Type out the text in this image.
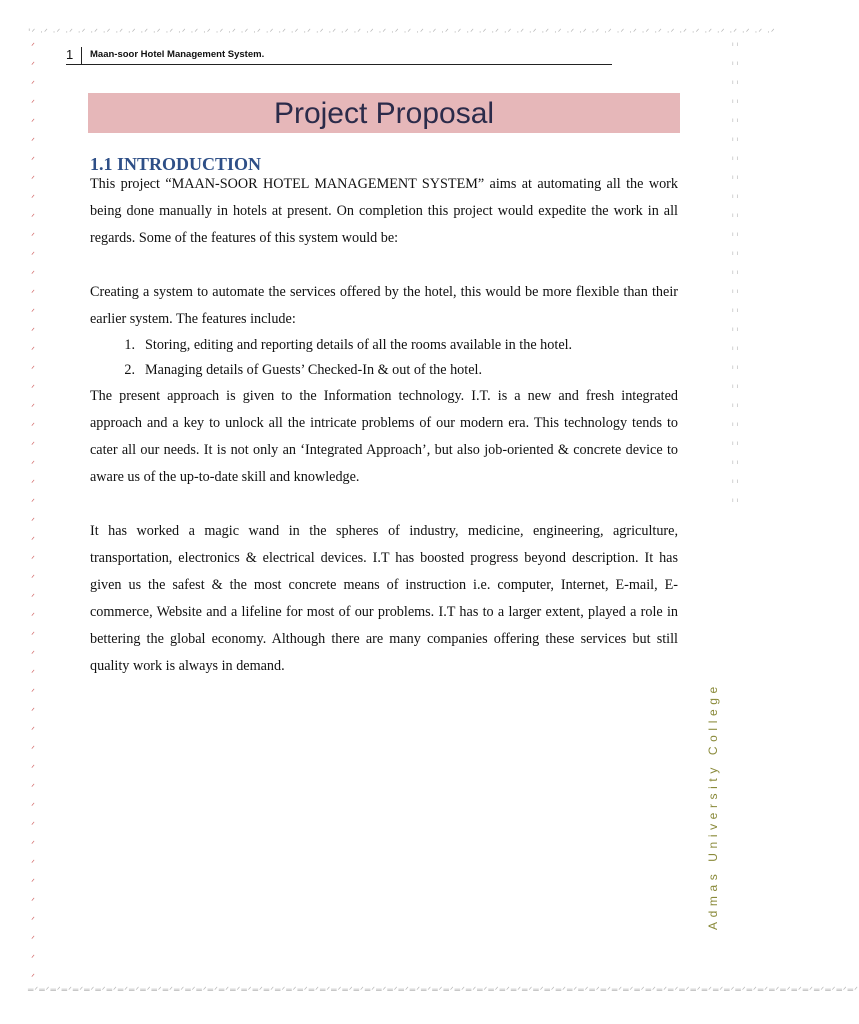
'ᐟ ·ᐟ ·ᐟ ·ᐟ ·ᐟ ·ᐟ ·ᐟ ·ᐟ ·ᐟ ·ᐟ ·ᐟ ·ᐟ ·ᐟ ·ᐟ ·ᐟ ·ᐟ ·ᐟ ·ᐟ ·ᐟ ·ᐟ ·ᐟ ·ᐟ ·ᐟ ·ᐟ ·ᐟ ·ᐟ ·ᐟ ·ᐟ ·ᐟ ·ᐟ ·ᐟ ·ᐟ ·ᐟ ·ᐟ ·ᐟ ·ᐟ ·ᐟ ·ᐟ ·ᐟ ·ᐟ ·ᐟ ·ᐟ ·ᐟ ·ᐟ ·ᐟ ·ᐟ ·ᐟ ·ᐟ ·ᐟ ·ᐟ ·ᐟ ·ᐟ ·ᐟ ·ᐟ ·ᐟ ·ᐟ ·ᐟ ·ᐟ ·ᐟ ·ᐟ
═ᐟ═ᐟ═ᐟ═ᐟ═ᐟ═ᐟ═ᐟ═ᐟ═ᐟ═ᐟ═ᐟ═ᐟ═ᐟ═ᐟ═ᐟ═ᐟ═ᐟ═ᐟ═ᐟ═ᐟ═ᐟ═ᐟ═ᐟ═ᐟ═ᐟ═ᐟ═ᐟ═ᐟ═ᐟ═ᐟ═ᐟ═ᐟ═ᐟ═ᐟ═ᐟ═ᐟ═ᐟ═ᐟ═ᐟ═ᐟ═ᐟ═ᐟ═ᐟ═ᐟ═ᐟ═ᐟ═ᐟ═ᐟ═ᐟ═ᐟ═ᐟ═ᐟ═ᐟ═ᐟ═ᐟ═ᐟ═ᐟ═ᐟ═ᐟ═ᐟ═ᐟ═ᐟ═ᐟ═ᐟ═ᐟ═ᐟ═ᐟ═ᐟ═ᐟ═ᐟ═ᐟ═ᐟ═ᐟ═ᐟ
ᐟ ᐟ ᐟ ᐟ ᐟ ᐟ ᐟ ᐟ ᐟ ᐟ ᐟ ᐟ ᐟ ᐟ ᐟ ᐟ ᐟ ᐟ ᐟ ᐟ ᐟ ᐟ ᐟ ᐟ ᐟ ᐟ ᐟ ᐟ ᐟ ᐟ ᐟ ᐟ ᐟ ᐟ ᐟ ᐟ ᐟ ᐟ ᐟ ᐟ ᐟ ᐟ ᐟ ᐟ ᐟ ᐟ ᐟ ᐟ ᐟ ᐟ
ᑊ ᑊ ᑊ ᑊ ᑊ ᑊ ᑊ ᑊ ᑊ ᑊ ᑊ ᑊ ᑊ ᑊ ᑊ ᑊ ᑊ ᑊ ᑊ ᑊ ᑊ ᑊ ᑊ ᑊ ᑊ ᑊ ᑊ ᑊ ᑊ ᑊ ᑊ ᑊ ᑊ ᑊ ᑊ ᑊ ᑊ ᑊ ᑊ ᑊ ᑊ ᑊ ᑊ ᑊ ᑊ ᑊ ᑊ ᑊ ᑊ ᑊ
1 Maan-soor Hotel Management System.
Project Proposal
1.1 INTRODUCTION

This project “MAAN-SOOR HOTEL MANAGEMENT SYSTEM” aims at automating all the work being done manually in hotels at present. On completion this project would expedite the work in all regards. Some of the features of this system would be:

Creating a system to automate the services offered by the hotel, this would be more flexible than their earlier system. The features include:

1. Storing, editing and reporting details of all the rooms available in the hotel.
2. Managing details of Guests’ Checked-In & out of the hotel.

The present approach is given to the Information technology. I.T. is a new and fresh integrated approach and a key to unlock all the intricate problems of our modern era. This technology tends to cater all our needs. It is not only an ‘Integrated Approach’, but also job-oriented & concrete device to aware us of the up-to-date skill and knowledge.

It has worked a magic wand in the spheres of industry, medicine, engineering, agriculture, transportation, electronics & electrical devices. I.T has boosted progress beyond description. It has given us the safest & the most concrete means of instruction i.e. computer, Internet, E-mail, E-commerce, Website and a lifeline for most of our problems. I.T has to a larger extent, played a role in bettering the global economy. Although there are many companies offering these services but still quality work is always in demand.

Admas University College
